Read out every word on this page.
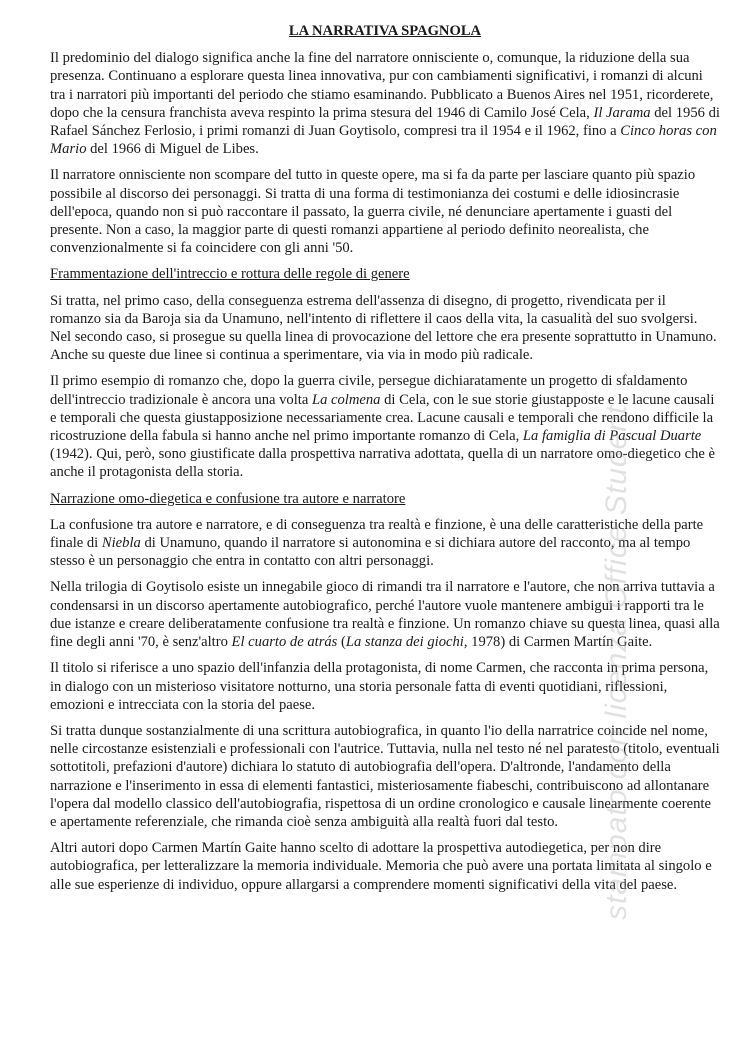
LA NARRATIVA SPAGNOLA

Il predominio del dialogo significa anche la fine del narratore onnisciente o, comunque, la riduzione della sua presenza. Continuano a esplorare questa linea innovativa, pur con cambiamenti significativi, i romanzi di alcuni tra i narratori più importanti del periodo che stiamo esaminando. Pubblicato a Buenos Aires nel 1951, ricorderete, dopo che la censura franchista aveva respinto la prima stesura del 1946 di Camilo José Cela, Il Jarama del 1956 di Rafael Sánchez Ferlosio, i primi romanzi di Juan Goytisolo, compresi tra il 1954 e il 1962, fino a Cinco horas con Mario del 1966 di Miguel de Libes.

Il narratore onnisciente non scompare del tutto in queste opere, ma si fa da parte per lasciare quanto più spazio possibile al discorso dei personaggi. Si tratta di una forma di testimonianza dei costumi e delle idiosincrasie dell'epoca, quando non si può raccontare il passato, la guerra civile, né denunciare apertamente i guasti del presente. Non a caso, la maggior parte di questi romanzi appartiene al periodo definito neorealista, che convenzionalmente si fa coincidere con gli anni '50.

Frammentazione dell'intreccio e rottura delle regole di genere

Si tratta, nel primo caso, della conseguenza estrema dell'assenza di disegno, di progetto, rivendicata per il romanzo sia da Baroja sia da Unamuno, nell'intento di riflettere il caos della vita, la casualità del suo svolgersi. Nel secondo caso, si prosegue su quella linea di provocazione del lettore che era presente soprattutto in Unamuno. Anche su queste due linee si continua a sperimentare, via via in modo più radicale.

Il primo esempio di romanzo che, dopo la guerra civile, persegue dichiaratamente un progetto di sfaldamento dell'intreccio tradizionale è ancora una volta La colmena di Cela, con le sue storie giustapposte e le lacune causali e temporali che questa giustapposizione necessariamente crea. Lacune causali e temporali che rendono difficile la ricostruzione della fabula si hanno anche nel primo importante romanzo di Cela, La famiglia di Pascual Duarte (1942). Qui, però, sono giustificate dalla prospettiva narrativa adottata, quella di un narratore omo-diegetico che è anche il protagonista della storia.

Narrazione omo-diegetica e confusione tra autore e narratore

La confusione tra autore e narratore, e di conseguenza tra realtà e finzione, è una delle caratteristiche della parte finale di Niebla di Unamuno, quando il narratore si autonomina e si dichiara autore del racconto, ma al tempo stesso è un personaggio che entra in contatto con altri personaggi.

Nella trilogia di Goytisolo esiste un innegabile gioco di rimandi tra il narratore e l'autore, che non arriva tuttavia a condensarsi in un discorso apertamente autobiografico, perché l'autore vuole mantenere ambigui i rapporti tra le due istanze e creare deliberatamente confusione tra realtà e finzione. Un romanzo chiave su questa linea, quasi alla fine degli anni '70, è senz'altro El cuarto de atrás (La stanza dei giochi, 1978) di Carmen Martín Gaite.

Il titolo si riferisce a uno spazio dell'infanzia della protagonista, di nome Carmen, che racconta in prima persona, in dialogo con un misterioso visitatore notturno, una storia personale fatta di eventi quotidiani, riflessioni, emozioni e intrecciata con la storia del paese.

Si tratta dunque sostanzialmente di una scrittura autobiografica, in quanto l'io della narratrice coincide nel nome, nelle circostanze esistenziali e professionali con l'autrice. Tuttavia, nulla nel testo né nel paratesto (titolo, eventuali sottotitoli, prefazioni d'autore) dichiara lo statuto di autobiografia dell'opera. D'altronde, l'andamento della narrazione e l'inserimento in essa di elementi fantastici, misteriosamente fiabeschi, contribuiscono ad allontanare l'opera dal modello classico dell'autobiografia, rispettosa di un ordine cronologico e causale linearmente coerente e apertamente referenziale, che rimanda cioè senza ambiguità alla realtà fuori dal testo.

Altri autori dopo Carmen Martín Gaite hanno scelto di adottare la prospettiva autodiegetica, per non dire autobiografica, per letteralizzare la memoria individuale. Memoria che può avere una portata limitata al singolo e alle sue esperienze di individuo, oppure allargarsi a comprendere momenti significativi della vita del paese.

stampato con licenza Office Student
